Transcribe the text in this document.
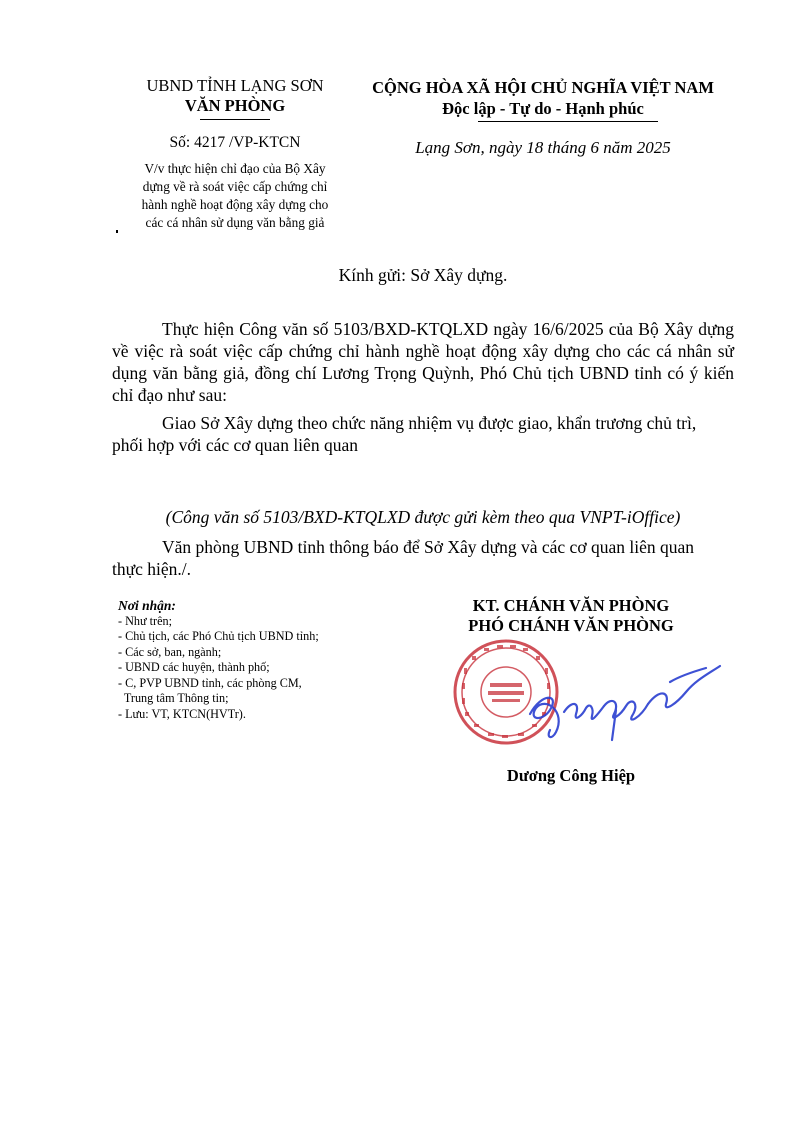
UBND TỈNH LẠNG SƠN
VĂN PHÒNG
Số: 4217 /VP-KTCN
V/v thực hiện chỉ đạo của Bộ Xây
dựng về rà soát việc cấp chứng chỉ
hành nghề hoạt động xây dựng cho
các cá nhân sử dụng văn bằng giả
CỘNG HÒA XÃ HỘI CHỦ NGHĨA VIỆT NAM
Độc lập - Tự do - Hạnh phúc
Lạng Sơn, ngày 18 tháng 6 năm 2025
Kính gửi: Sở Xây dựng.
Thực hiện Công văn số 5103/BXD-KTQLXD ngày 16/6/2025 của Bộ Xây dựng về việc rà soát việc cấp chứng chỉ hành nghề hoạt động xây dựng cho các cá nhân sử dụng văn bằng giả, đồng chí Lương Trọng Quỳnh, Phó Chủ tịch UBND tỉnh có ý kiến chỉ đạo như sau:
Giao Sở Xây dựng theo chức năng nhiệm vụ được giao, khẩn trương chủ trì,
phối hợp với các cơ quan liên quan
(Công văn số 5103/BXD-KTQLXD được gửi kèm theo qua VNPT-iOffice)
Văn phòng UBND tỉnh thông báo để Sở Xây dựng và các cơ quan liên quan
thực hiện./.
Nơi nhận:
- Như trên;
- Chủ tịch, các Phó Chủ tịch UBND tỉnh;
- Các sở, ban, ngành;
- UBND các huyện, thành phố;
- C, PVP UBND tỉnh, các phòng CM,
Trung tâm Thông tin;
- Lưu: VT, KTCN(HVTr).
KT. CHÁNH VĂN PHÒNG
PHÓ CHÁNH VĂN PHÒNG
Dương Công Hiệp
